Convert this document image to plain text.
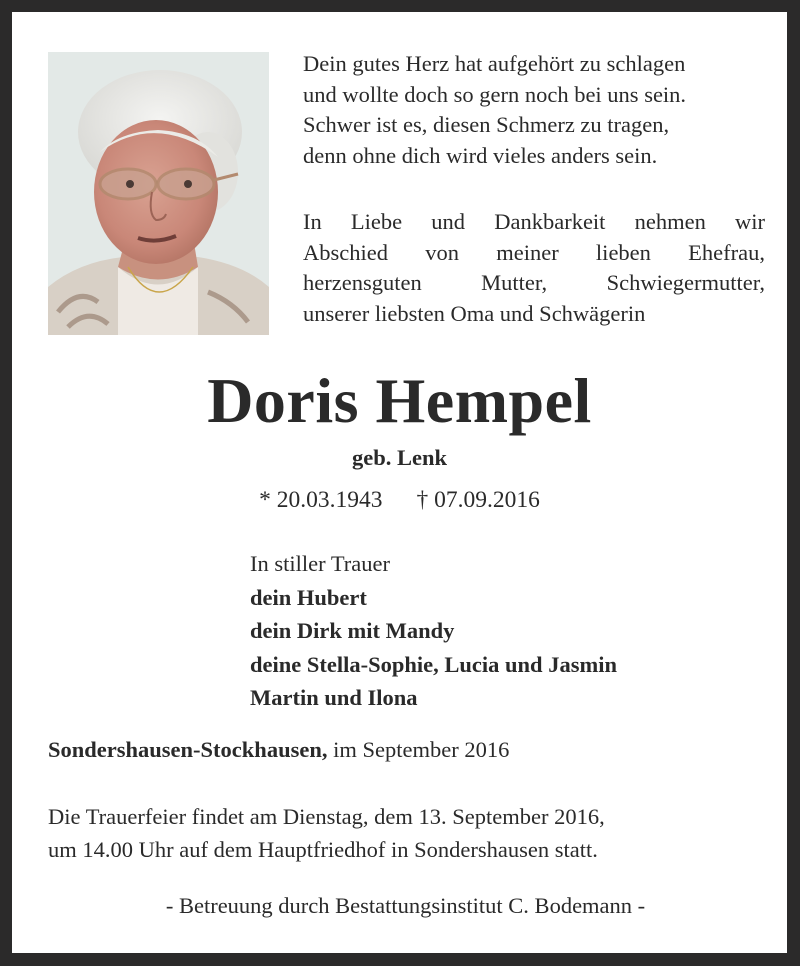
Dein gutes Herz hat aufgehört zu schlagen
und wollte doch so gern noch bei uns sein.
Schwer ist es, diesen Schmerz zu tragen,
denn ohne dich wird vieles anders sein.
In Liebe und Dankbarkeit nehmen wir
Abschied von meiner lieben Ehefrau,
herzensguten Mutter, Schwiegermutter,
unserer liebsten Oma und Schwägerin
Doris Hempel
geb. Lenk
* 20.03.1943 † 07.09.2016
In stiller Trauer
dein Hubert
dein Dirk mit Mandy
deine Stella-Sophie, Lucia und Jasmin
Martin und Ilona
Sondershausen-Stockhausen, im September 2016
Die Trauerfeier findet am Dienstag, dem 13. September 2016,
um 14.00 Uhr auf dem Hauptfriedhof in Sondershausen statt.
- Betreuung durch Bestattungsinstitut C. Bodemann -
